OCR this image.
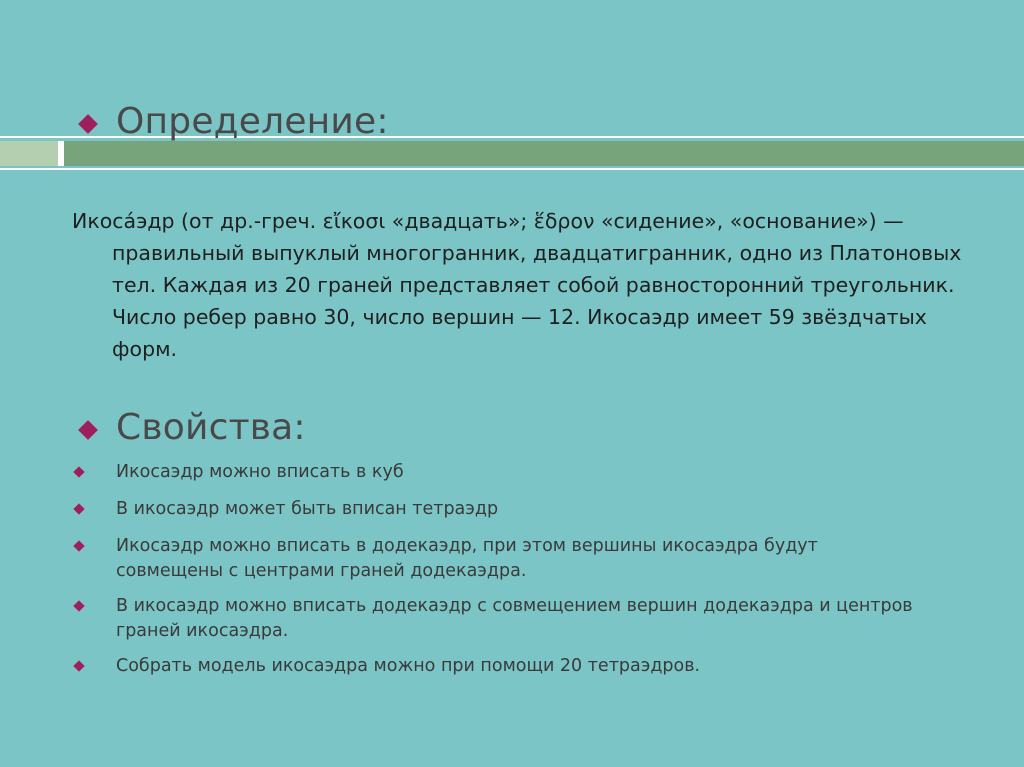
Определение:

Икоса́эдр (от др.-греч. εἴκοσι «двадцать»; ἕδρον «сидение», «основание») — правильный выпуклый многогранник, двадцатигранник, одно из Платоновых тел. Каждая из 20 граней представляет собой равносторонний треугольник. Число ребер равно 30, число вершин — 12. Икосаэдр имеет 59 звёздчатых форм.

Свойства:

Икосаэдр можно вписать в куб

В икосаэдр может быть вписан тетраэдр

Икосаэдр можно вписать в додекаэдр, при этом вершины икосаэдра будут совмещены с центрами граней додекаэдра.

В икосаэдр можно вписать додекаэдр с совмещением вершин додекаэдра и центров граней икосаэдра.

Собрать модель икосаэдра можно при помощи 20 тетраэдров.
